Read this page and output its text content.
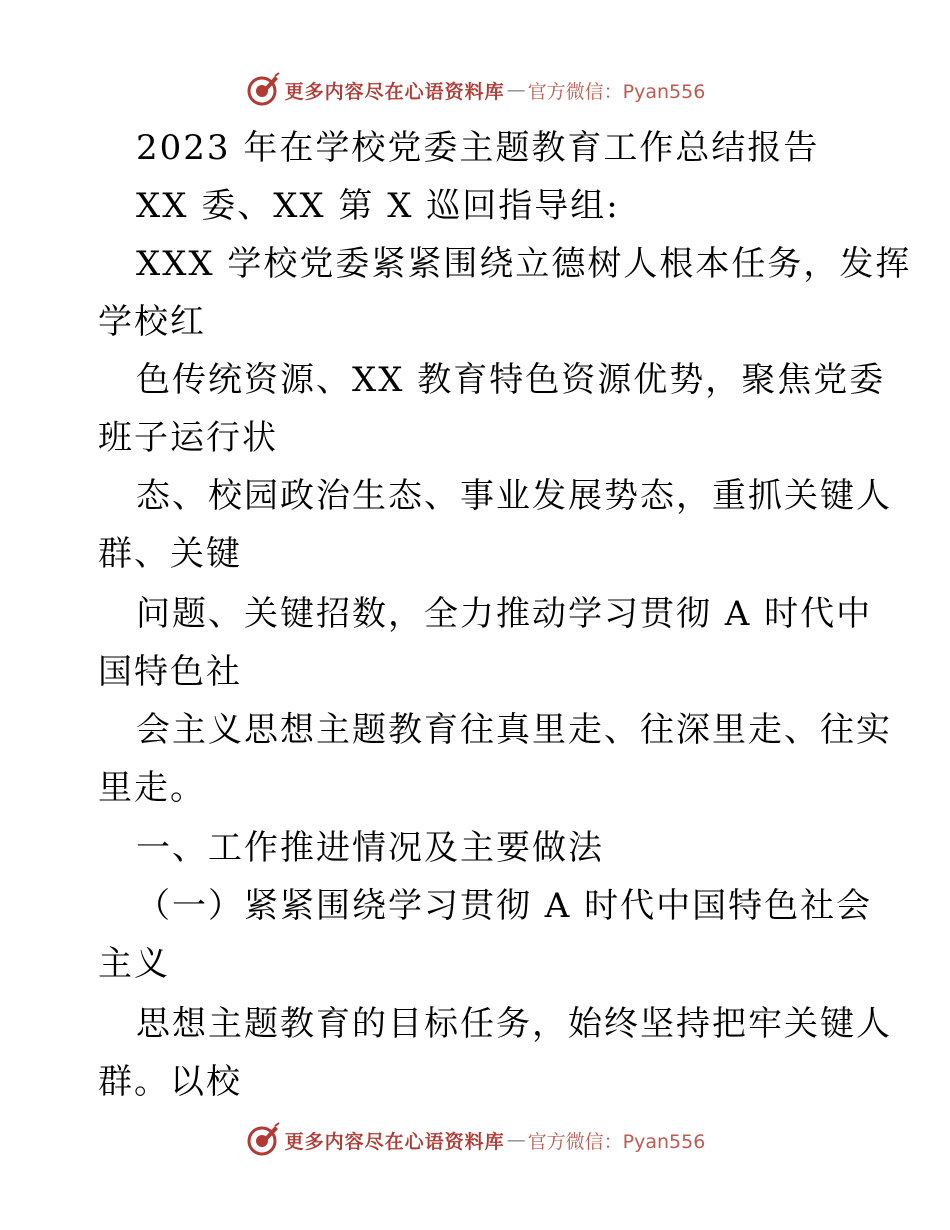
更多内容尽在心语资料库 — 官方微信：Pyan556
2023 年在学校党委主题教育工作总结报告
XX 委、XX 第 X 巡回指导组:
XXX 学校党委紧紧围绕立德树人根本任务，发挥
学校红
色传统资源、XX 教育特色资源优势，聚焦党委
班子运行状
态、校园政治生态、事业发展势态，重抓关键人
群、关键
问题、关键招数，全力推动学习贯彻 A 时代中
国特色社
会主义思想主题教育往真里走、往深里走、往实
里走。
一、工作推进情况及主要做法
（一）紧紧围绕学习贯彻 A 时代中国特色社会
主义
思想主题教育的目标任务，始终坚持把牢关键人
群。以校
更多内容尽在心语资料库 — 官方微信：Pyan556
